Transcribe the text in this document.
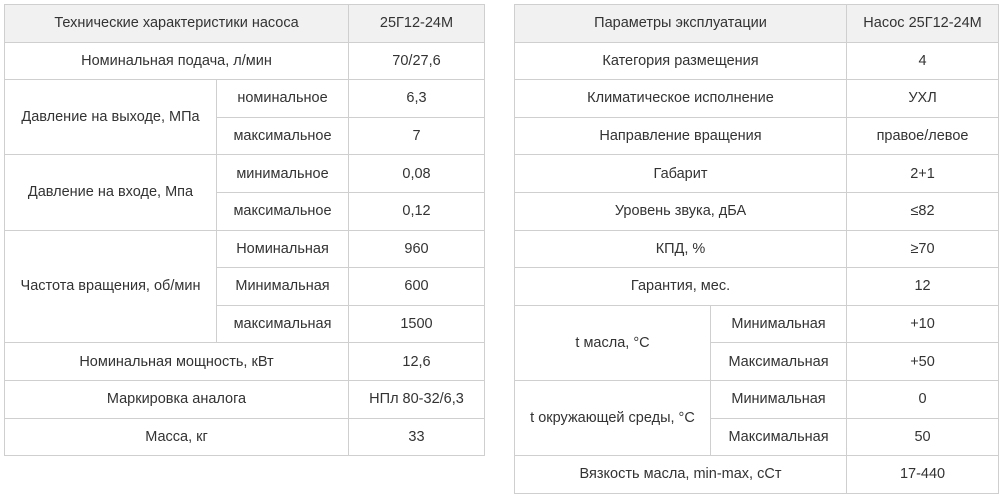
Технические характеристики насоса		25Г12-24М
Номинальная подача, л/мин		70/27,6
Давление на выходе, МПа	номинальное	6,3
	максимальное	7
Давление на входе, Мпа	минимальное	0,08
	максимальное	0,12
Частота вращения, об/мин	Номинальная	960
	Минимальная	600
	максимальная	1500
Номинальная мощность, кВт		12,6
Маркировка аналога		НПл 80-32/6,3
Масса, кг		33
Параметры эксплуатации		Насос 25Г12-24М
Категория размещения		4
Климатическое исполнение		УХЛ
Направление вращения		правое/левое
Габарит		2+1
Уровень звука, дБА		≤82
КПД, %		≥70
Гарантия, мес.		12
t масла, °С	Минимальная	+10
	Максимальная	+50
t окружающей среды, °С	Минимальная	0
	Максимальная	50
Вязкость масла, min-max, сСт		17-440
